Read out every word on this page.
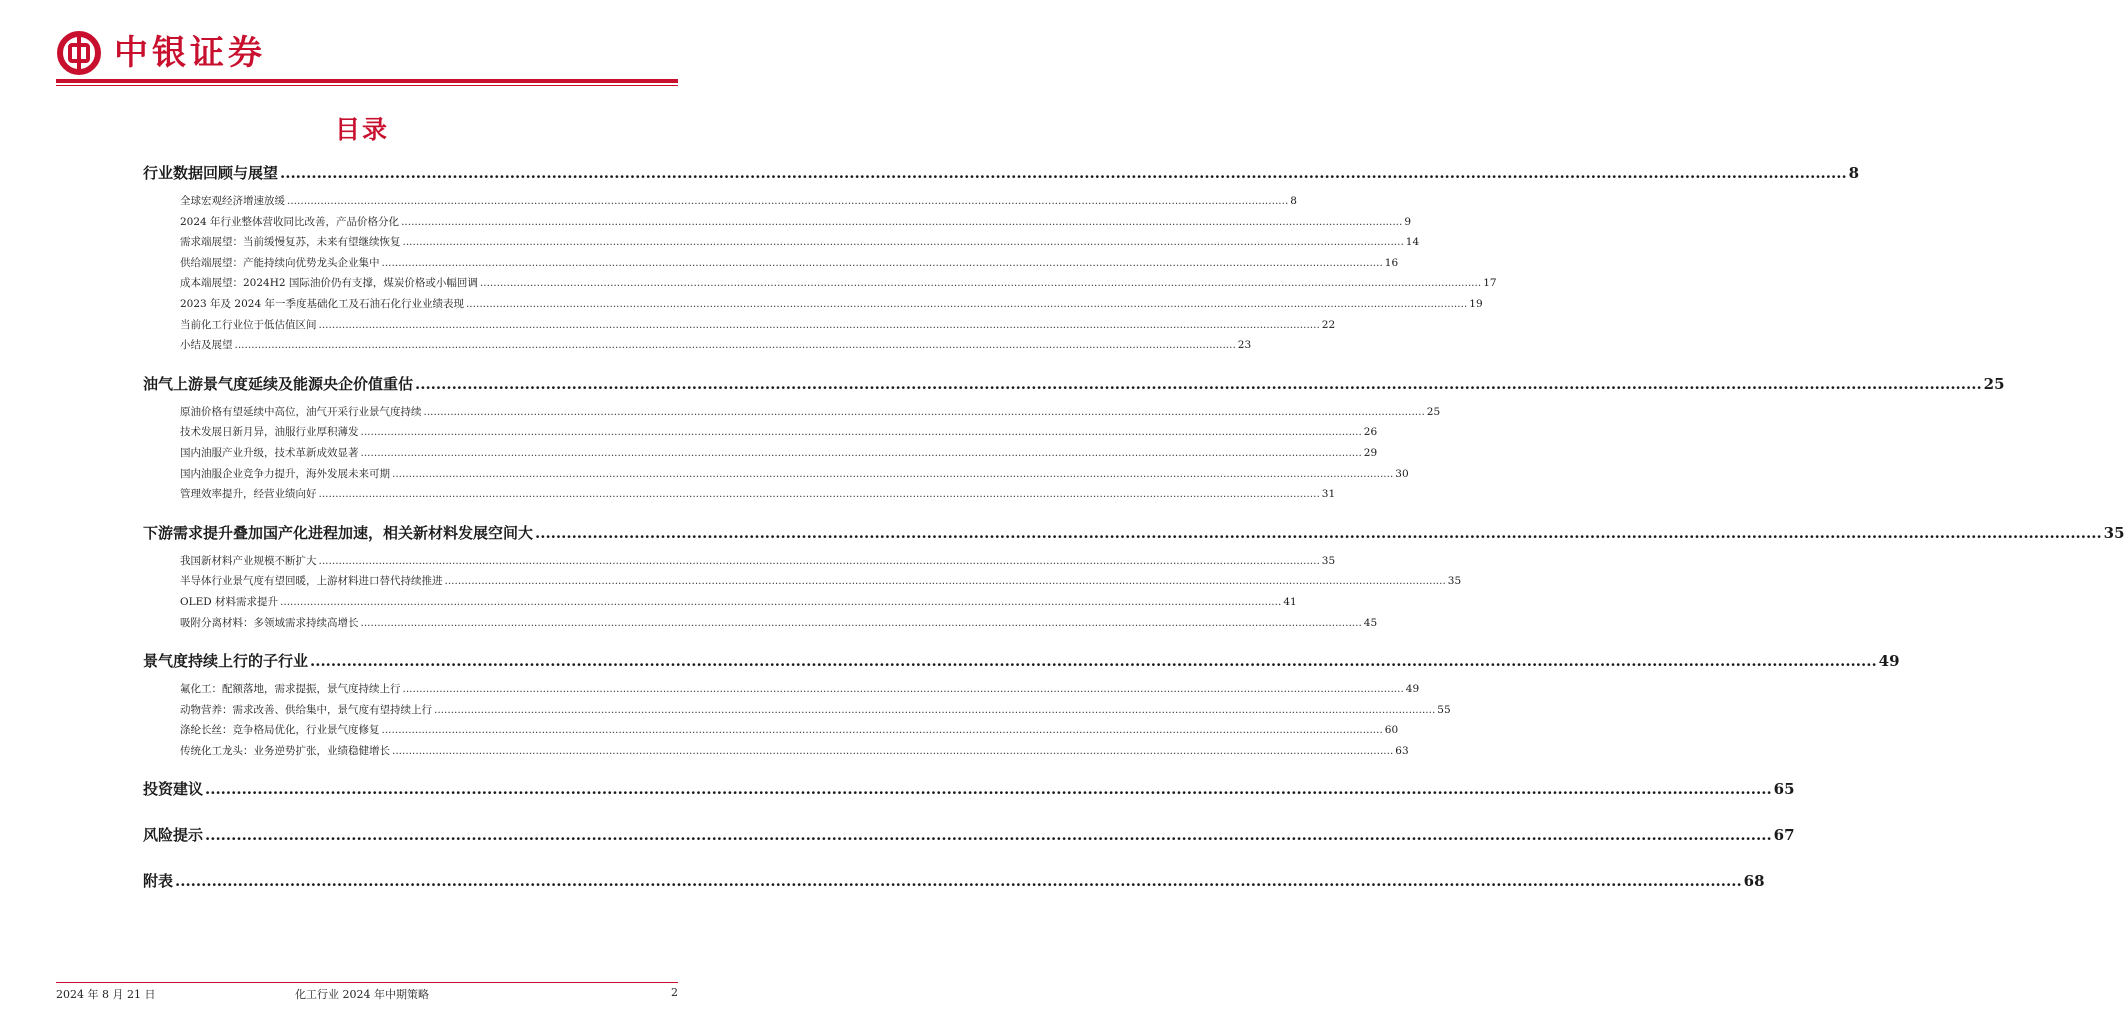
中银证券
目录
行业数据回顾与展望 ............................................................................................................................................................................................................................................................................................................ 8
全球宏观经济增速放缓 ............................................................................................................................................................................................................................................................................................................ 8
2024 年行业整体营收同比改善，产品价格分化 ............................................................................................................................................................................................................................................................................................................ 9
需求端展望：当前缓慢复苏，未来有望继续恢复 ............................................................................................................................................................................................................................................................................................................ 14
供给端展望：产能持续向优势龙头企业集中 ............................................................................................................................................................................................................................................................................................................ 16
成本端展望：2024H2 国际油价仍有支撑，煤炭价格或小幅回调 ............................................................................................................................................................................................................................................................................................................ 17
2023 年及 2024 年一季度基础化工及石油石化行业业绩表现 ............................................................................................................................................................................................................................................................................................................ 19
当前化工行业位于低估值区间 ............................................................................................................................................................................................................................................................................................................ 22
小结及展望 ............................................................................................................................................................................................................................................................................................................ 23
油气上游景气度延续及能源央企价值重估 ............................................................................................................................................................................................................................................................................................................ 25
原油价格有望延续中高位，油气开采行业景气度持续 ............................................................................................................................................................................................................................................................................................................ 25
技术发展日新月异，油服行业厚积薄发 ............................................................................................................................................................................................................................................................................................................ 26
国内油服产业升级，技术革新成效显著 ............................................................................................................................................................................................................................................................................................................ 29
国内油服企业竞争力提升，海外发展未来可期 ............................................................................................................................................................................................................................................................................................................ 30
管理效率提升，经营业绩向好 ............................................................................................................................................................................................................................................................................................................ 31
下游需求提升叠加国产化进程加速，相关新材料发展空间大 ............................................................................................................................................................................................................................................................................................................ 35
我国新材料产业规模不断扩大 ............................................................................................................................................................................................................................................................................................................ 35
半导体行业景气度有望回暖，上游材料进口替代持续推进 ............................................................................................................................................................................................................................................................................................................ 35
OLED 材料需求提升 ............................................................................................................................................................................................................................................................................................................ 41
吸附分离材料：多领域需求持续高增长 ............................................................................................................................................................................................................................................................................................................ 45
景气度持续上行的子行业 ............................................................................................................................................................................................................................................................................................................ 49
氟化工：配额落地，需求提振，景气度持续上行 ............................................................................................................................................................................................................................................................................................................ 49
动物营养：需求改善、供给集中，景气度有望持续上行 ............................................................................................................................................................................................................................................................................................................ 55
涤纶长丝：竞争格局优化，行业景气度修复 ............................................................................................................................................................................................................................................................................................................ 60
传统化工龙头：业务逆势扩张，业绩稳健增长 ............................................................................................................................................................................................................................................................................................................ 63
投资建议 ............................................................................................................................................................................................................................................................................................................ 65
风险提示 ............................................................................................................................................................................................................................................................................................................ 67
附表 ............................................................................................................................................................................................................................................................................................................ 68
2024 年 8 月 21 日	化工行业 2024 年中期策略	2
